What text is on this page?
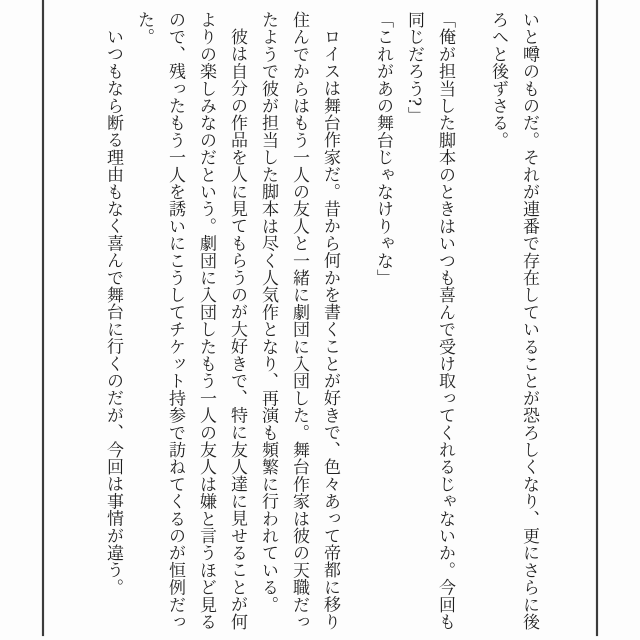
いと噂のものだ。それが連番で存在していることが恐ろしくなり、更にさらに後

ろへと後ずさる。

「俺が担当した脚本のときはいつも喜んで受け取ってくれるじゃないか。今回も

同じだろう?」

「これがあの舞台じゃなけりゃな」

ロイスは舞台作家だ。昔から何かを書くことが好きで、色々あって帝都に移り

住んでからはもう一人の友人と一緒に劇団に入団した。舞台作家は彼の天職だっ

たようで彼が担当した脚本は尽く人気作となり、再演も頻繁に行われている。

彼は自分の作品を人に見てもらうのが大好きで、特に友人達に見せることが何

よりの楽しみなのだという。劇団に入団したもう一人の友人は嫌と言うほど見る

ので、残ったもう一人を誘いにこうしてチケット持参で訪ねてくるのが恒例だっ

た。

いつもなら断る理由もなく喜んで舞台に行くのだが、今回は事情が違う。
